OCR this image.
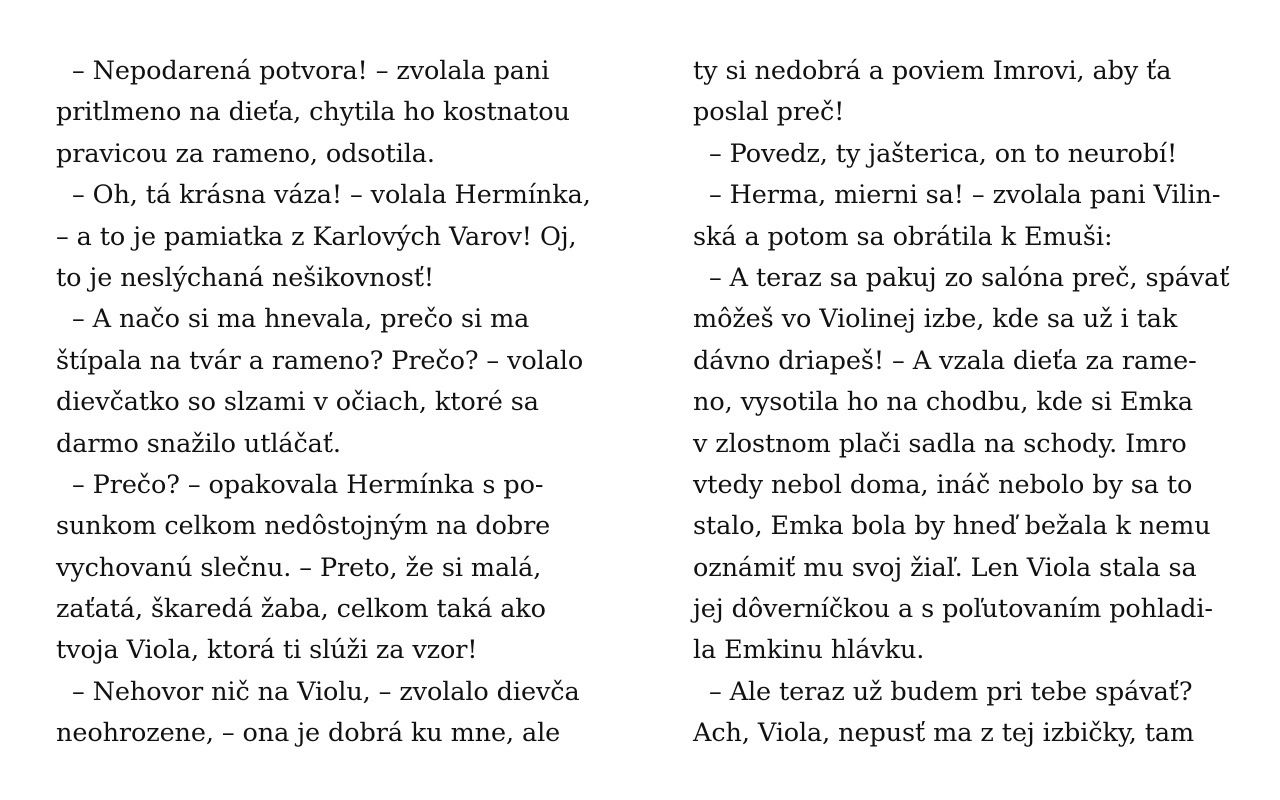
– Nepodarená potvora! – zvolala pani
pritlmeno na dieťa, chytila ho kostnatou
pravicou za rameno, odsotila.
– Oh, tá krásna váza! – volala Hermínka,
– a to je pamiatka z Karlových Varov! Oj,
to je neslýchaná nešikovnosť!
– A načo si ma hnevala, prečo si ma
štípala na tvár a rameno? Prečo? – volalo
dievčatko so slzami v očiach, ktoré sa
darmo snažilo utláčať.
– Prečo? – opakovala Hermínka s po-
sunkom celkom nedôstojným na dobre
vychovanú slečnu. – Preto, že si malá,
zaťatá, škaredá žaba, celkom taká ako
tvoja Viola, ktorá ti slúži za vzor!
– Nehovor nič na Violu, – zvolalo dievča
neohrozene, – ona je dobrá ku mne, ale
ty si nedobrá a poviem Imrovi, aby ťa
poslal preč!
– Povedz, ty jašterica, on to neurobí!
– Herma, mierni sa! – zvolala pani Vilin-
ská a potom sa obrátila k Emuši:
– A teraz sa pakuj zo salóna preč, spávať
môžeš vo Violinej izbe, kde sa už i tak
dávno driapeš! – A vzala dieťa za rame-
no, vysotila ho na chodbu, kde si Emka
v zlostnom plači sadla na schody. Imro
vtedy nebol doma, ináč nebolo by sa to
stalo, Emka bola by hneď bežala k nemu
oznámiť mu svoj žiaľ. Len Viola stala sa
jej dôverníčkou a s poľutovaním pohladi-
la Emkinu hlávku.
– Ale teraz už budem pri tebe spávať?
Ach, Viola, nepusť ma z tej izbičky, tam
